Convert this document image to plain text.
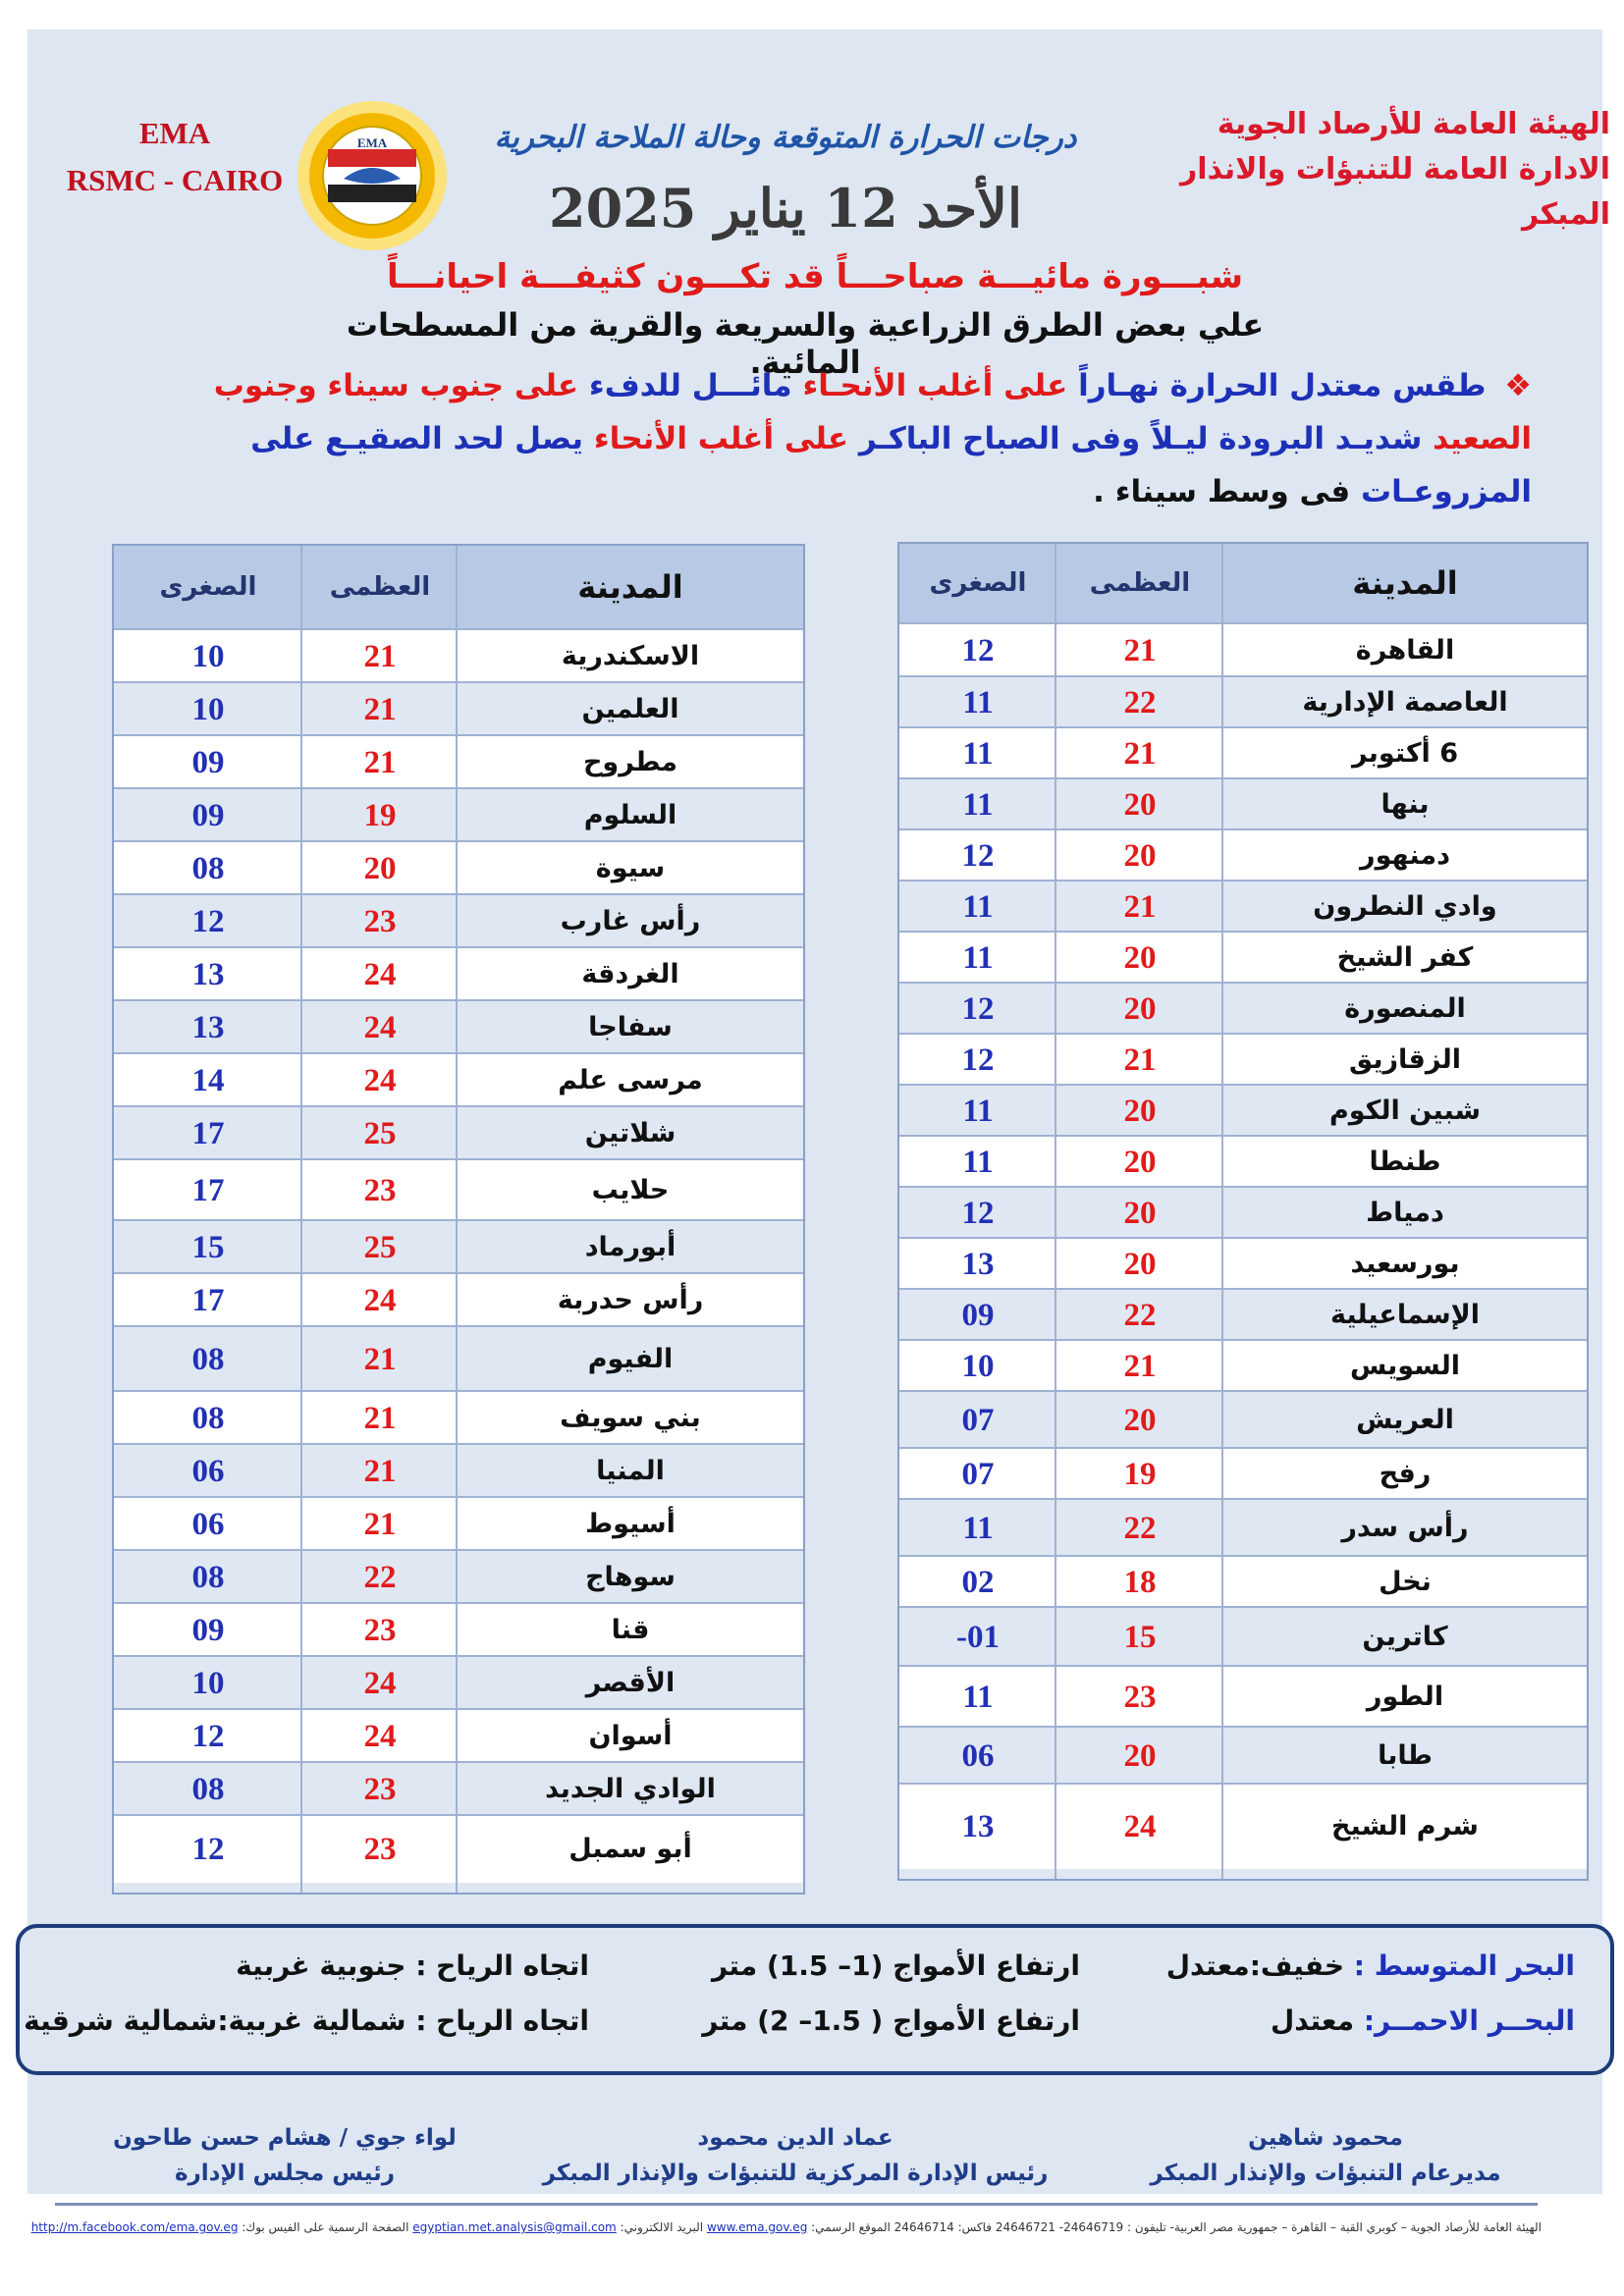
الهيئة العامة للأرصاد الجوية
الادارة العامة للتنبؤات والانذار المبكر
EMA
RSMC - CAIRO
EMA	درجات الحرارة المتوقعة وحالة الملاحة البحرية
الأحد 12 يناير 2025
شبـــورة مائيـــة صباحـــاً قد تكـــون كثيفـــة احيانـــاً
علي بعض الطرق الزراعية والسريعة والقرية من المسطحات المائية.
❖ طقس معتدل الحرارة نهـاراً على أغلب الأنحـاء مائـــل للدفء على جنوب سيناء وجنوب الصعيد شديـد البرودة ليـلاً وفى الصباح الباكـر على أغلب الأنحاء يصل لحد الصقيـع على المزروعـات فى وسط سيناء .
المدينة
العظمى
الصغرى
القاهرة
21
12
العاصمة الإدارية
22
11
6 أكتوبر
21
11
بنها
20
11
دمنهور
20
12
وادي النطرون
21
11
كفر الشيخ
20
11
المنصورة
20
12
الزقازيق
21
12
شبين الكوم
20
11
طنطا
20
11
دمياط
20
12
بورسعيد
20
13
الإسماعيلية
22
09
السويس
21
10
العريش
20
07
رفح
19
07
رأس سدر
22
11
نخل
18
02
كاترين
15
-01
الطور
23
11
طابا
20
06
شرم الشيخ
24
13
المدينة
العظمى
الصغرى
الاسكندرية
21
10
العلمين
21
10
مطروح
21
09
السلوم
19
09
سيوة
20
08
رأس غارب
23
12
الغردقة
24
13
سفاجا
24
13
مرسى علم
24
14
شلاتين
25
17
حلايب
23
17
أبورماد
25
15
رأس حدربة
24
17
الفيوم
21
08
بني سويف
21
08
المنيا
21
06
أسيوط
21
06
سوهاج
22
08
قنا
23
09
الأقصر
24
10
أسوان
24
12
الوادي الجديد
23
08
أبو سمبل
23
12
البحر المتوسط : خفيف:معتدل
ارتفاع الأمواج (1– 1.5) متر
اتجاه الرياح : جنوبية غربية
البحــر الاحمــر: معتدل
ارتفاع الأمواج ( 1.5– 2) متر
اتجاه الرياح : شمالية غربية:شمالية شرقية
محمود شاهين
مديرعام التنبؤات والإنذار المبكر
عماد الدين محمود
رئيس الإدارة المركزية للتنبؤات والإنذار المبكر
لواء جوي / هشام حسن طاحون
رئيس مجلس الإدارة
الهيئة العامة للأرصاد الجوية – كوبري القبة – القاهرة – جمهورية مصر العربية- تليفون : 24646719- 24646721 فاكس: 24646714 الموقع الرسمي: www.ema.gov.eg البريد الالكتروني: egyptian.met.analysis@gmail.com الصفحة الرسمية على الفيس بوك: http://m.facebook.com/ema.gov.eg
